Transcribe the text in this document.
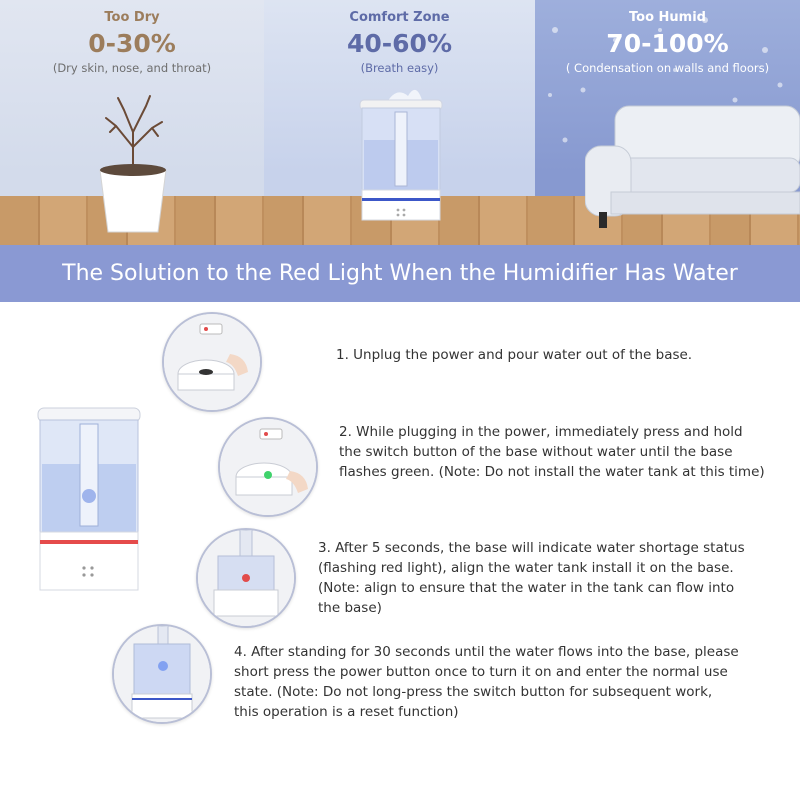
Too Dry
0-30%
(Dry skin, nose, and throat)
Comfort Zone
40-60%
(Breath easy)
Too Humid
70-100%
( Condensation on walls and floors)
The Solution to the Red Light When the Humidifier Has Water
1. Unplug the power and pour water out of the base.
2. While plugging in the power, immediately press and hold
the switch button of the base without water until the base
flashes green. (Note: Do not install the water tank at this time)
3. After 5 seconds, the base will indicate water shortage status
(flashing red light), align the water tank install it on the base.
(Note: align to ensure that the water in the tank can flow into
the base)
4. After standing for 30 seconds until the water flows into the base, please
short press the power button once to turn it on and enter the normal use
state. (Note: Do not long-press the switch button for subsequent work,
this operation is a reset function)
